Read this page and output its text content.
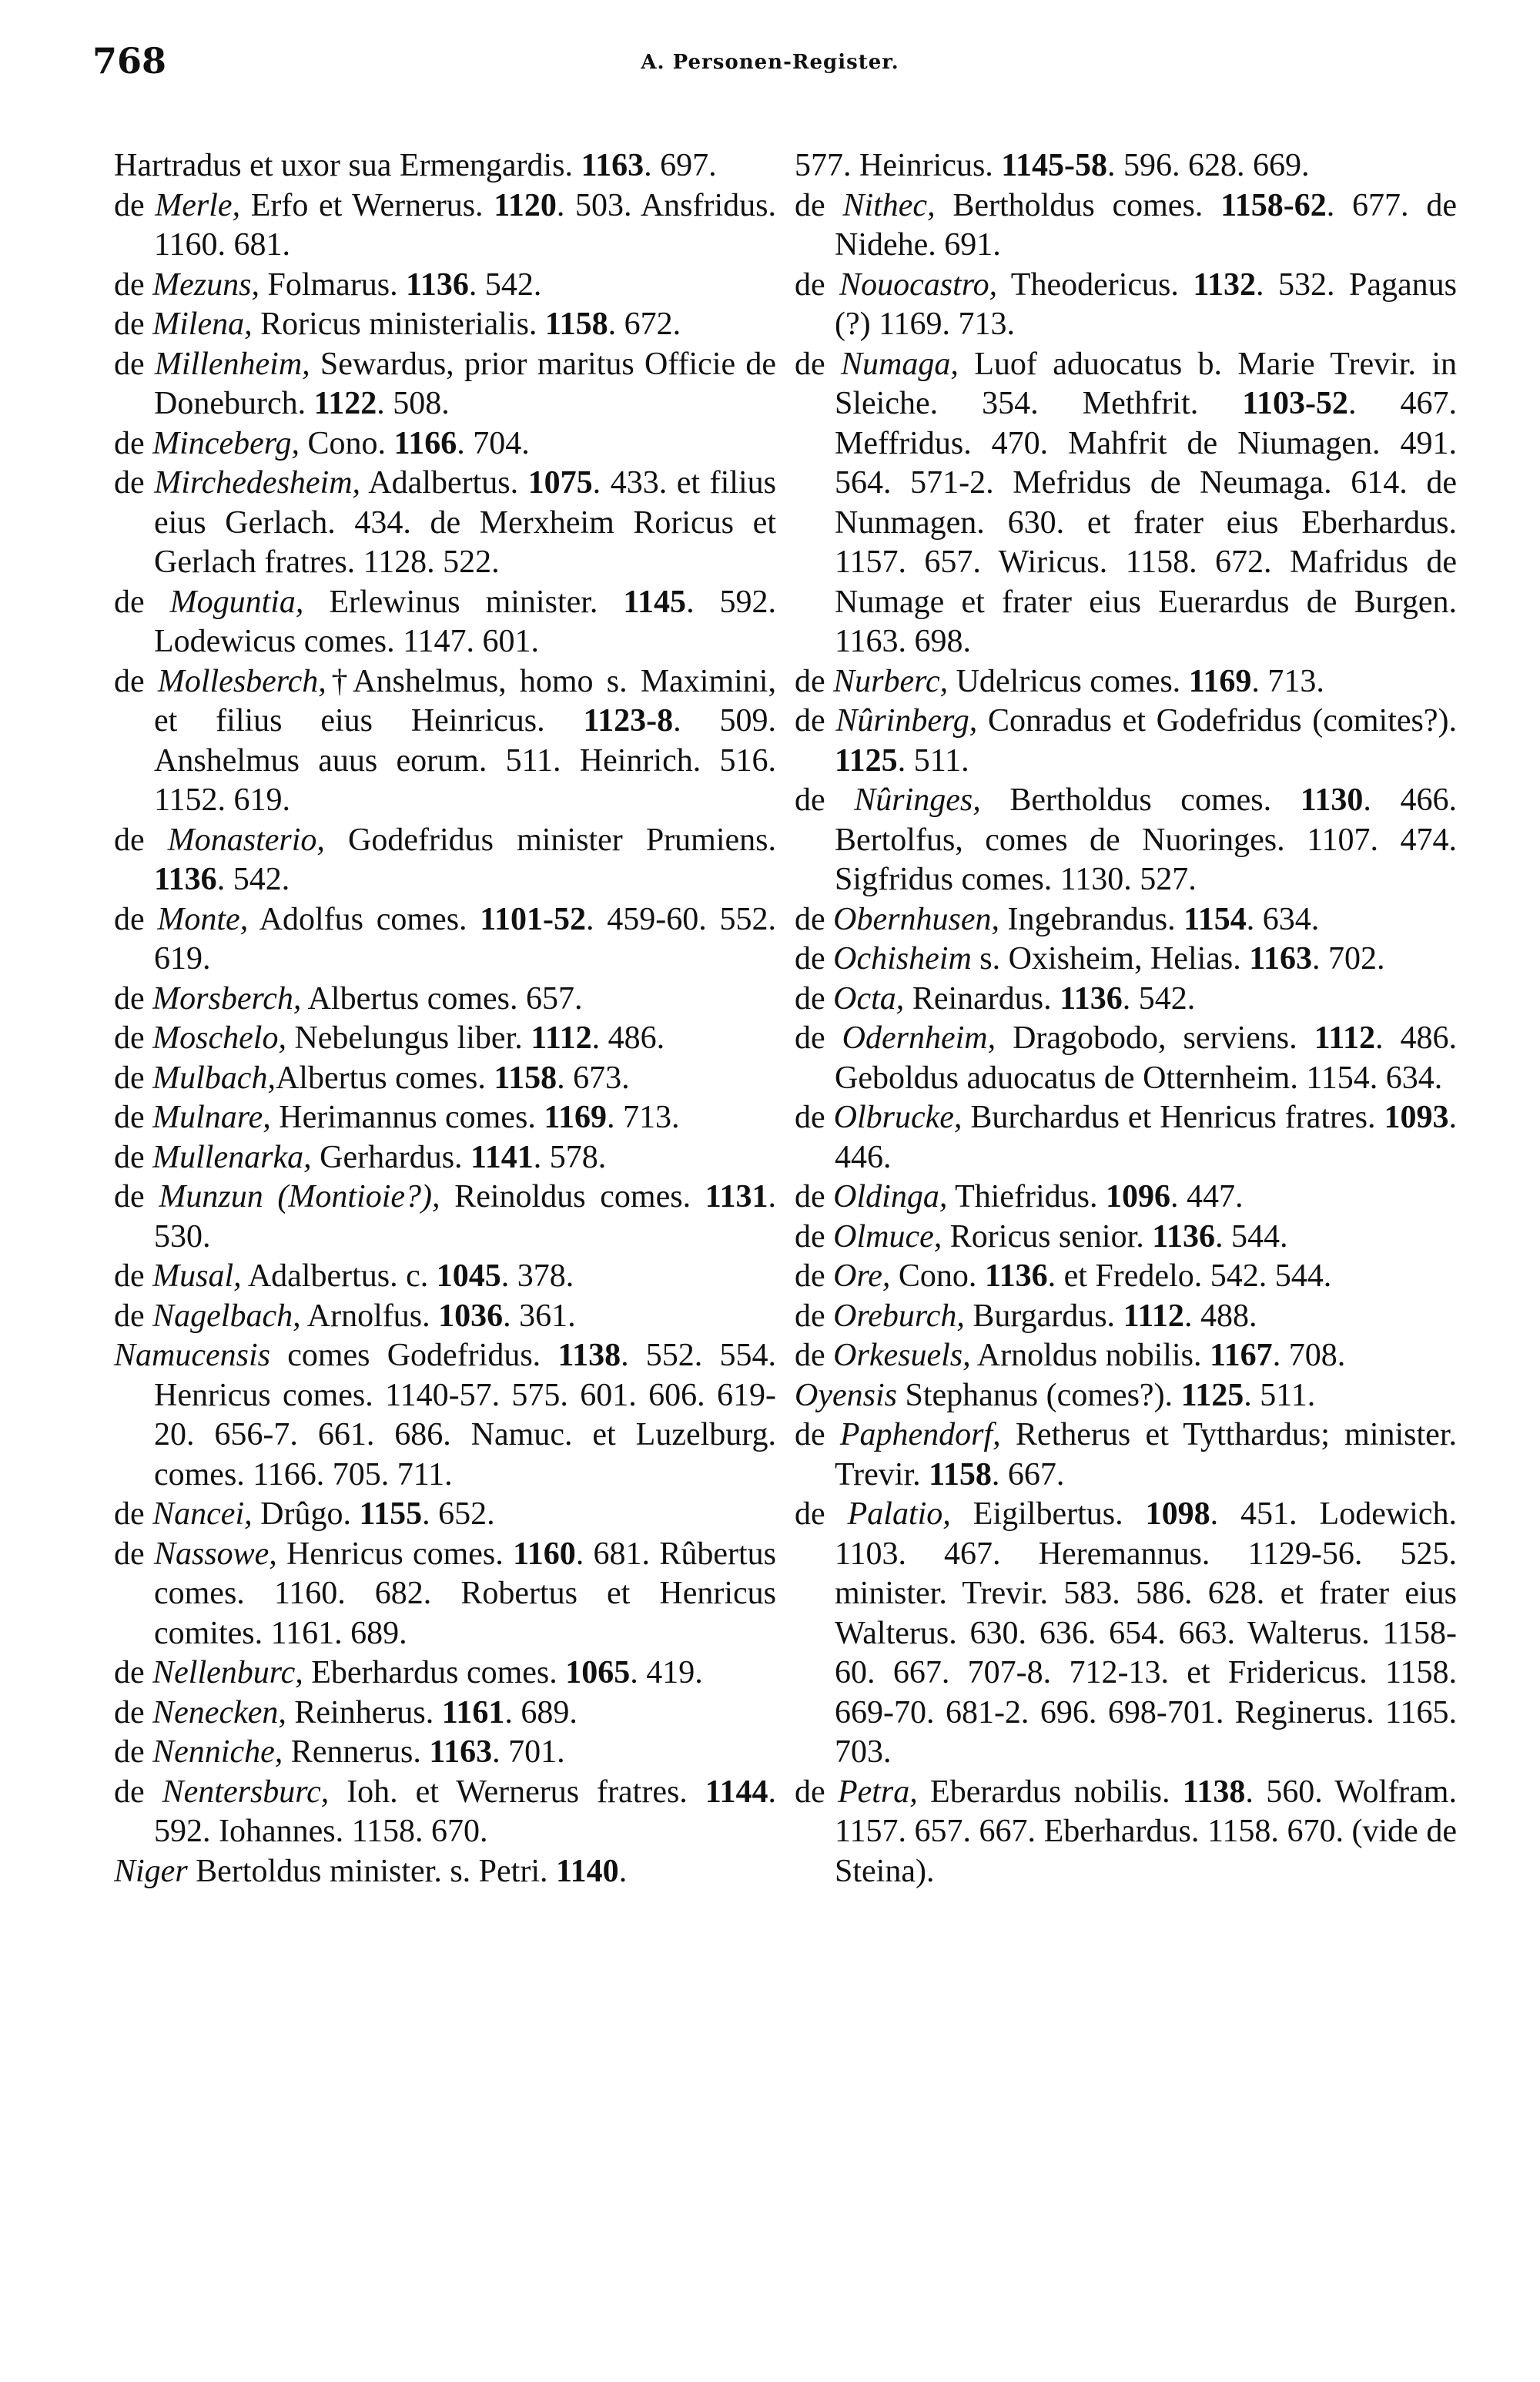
768	A. Personen-Register.

Hartradus et uxor sua Ermengardis. 1163. 697.

de Merle, Erfo et Wernerus. 1120. 503. Ansfridus. 1160. 681.

de Mezuns, Folmarus. 1136. 542.

de Milena, Roricus ministerialis. 1158. 672.

de Millenheim, Sewardus, prior maritus Officie de Doneburch. 1122. 508.

de Minceberg, Cono. 1166. 704.

de Mirchedesheim, Adalbertus. 1075. 433. et filius eius Gerlach. 434. de Merxheim Roricus et Gerlach fratres. 1128. 522.

de Moguntia, Erlewinus minister. 1145. 592. Lodewicus comes. 1147. 601.

de Mollesberch,†Anshelmus, homo s. Maximini, et filius eius Heinricus. 1123-8. 509. Anshelmus auus eorum. 511. Heinrich. 516. 1152. 619.

de Monasterio, Godefridus minister Prumiens. 1136. 542.

de Monte, Adolfus comes. 1101-52. 459-60. 552. 619.

de Morsberch, Albertus comes. 657.

de Moschelo, Nebelungus liber. 1112. 486.

de Mulbach,Albertus comes. 1158. 673.

de Mulnare, Herimannus comes. 1169. 713.

de Mullenarka, Gerhardus. 1141. 578.

de Munzun (Montioie?), Reinoldus comes. 1131. 530.

de Musal, Adalbertus. c. 1045. 378.

de Nagelbach, Arnolfus. 1036. 361.

Namucensis comes Godefridus. 1138. 552. 554. Henricus comes. 1140-57. 575. 601. 606. 619-20. 656-7. 661. 686. Namuc. et Luzelburg. comes. 1166. 705. 711.

de Nancei, Drûgo. 1155. 652.

de Nassowe, Henricus comes. 1160. 681. Rûbertus comes. 1160. 682. Robertus et Henricus comites. 1161. 689.

de Nellenburc, Eberhardus comes. 1065. 419.

de Nenecken, Reinherus. 1161. 689.

de Nenniche, Rennerus. 1163. 701.

de Nentersburc, Ioh. et Wernerus fratres. 1144. 592. Iohannes. 1158. 670.

Niger Bertoldus minister. s. Petri. 1140.

577. Heinricus. 1145-58. 596. 628. 669.

de Nithec, Bertholdus comes. 1158-62. 677. de Nidehe. 691.

de Nouocastro, Theodericus. 1132. 532. Paganus (?) 1169. 713.

de Numaga, Luof aduocatus b. Marie Trevir. in Sleiche. 354. Methfrit. 1103-52. 467. Meffridus. 470. Mahfrit de Niumagen. 491. 564. 571-2. Mefridus de Neumaga. 614. de Nunmagen. 630. et frater eius Eberhardus. 1157. 657. Wiricus. 1158. 672. Mafridus de Numage et frater eius Euerardus de Burgen. 1163. 698.

de Nurberc, Udelricus comes. 1169. 713.

de Nûrinberg, Conradus et Godefridus (comites?). 1125. 511.

de Nûringes, Bertholdus comes. 1130. 466. Bertolfus, comes de Nuoringes. 1107. 474. Sigfridus comes. 1130. 527.

de Obernhusen, Ingebrandus. 1154. 634.

de Ochisheim s. Oxisheim, Helias. 1163. 702.

de Octa, Reinardus. 1136. 542.

de Odernheim, Dragobodo, serviens. 1112. 486. Geboldus aduocatus de Otternheim. 1154. 634.

de Olbrucke, Burchardus et Henricus fratres. 1093. 446.

de Oldinga, Thiefridus. 1096. 447.

de Olmuce, Roricus senior. 1136. 544.

de Ore, Cono. 1136. et Fredelo. 542. 544.

de Oreburch, Burgardus. 1112. 488.

de Orkesuels, Arnoldus nobilis. 1167. 708.

Oyensis Stephanus (comes?). 1125. 511.

de Paphendorf, Retherus et Tytthardus; minister. Trevir. 1158. 667.

de Palatio, Eigilbertus. 1098. 451. Lodewich. 1103. 467. Heremannus. 1129-56. 525. minister. Trevir. 583. 586. 628. et frater eius Walterus. 630. 636. 654. 663. Walterus. 1158-60. 667. 707-8. 712-13. et Fridericus. 1158. 669-70. 681-2. 696. 698-701. Reginerus. 1165. 703.

de Petra, Eberardus nobilis. 1138. 560. Wolfram. 1157. 657. 667. Eberhardus. 1158. 670. (vide de Steina).
